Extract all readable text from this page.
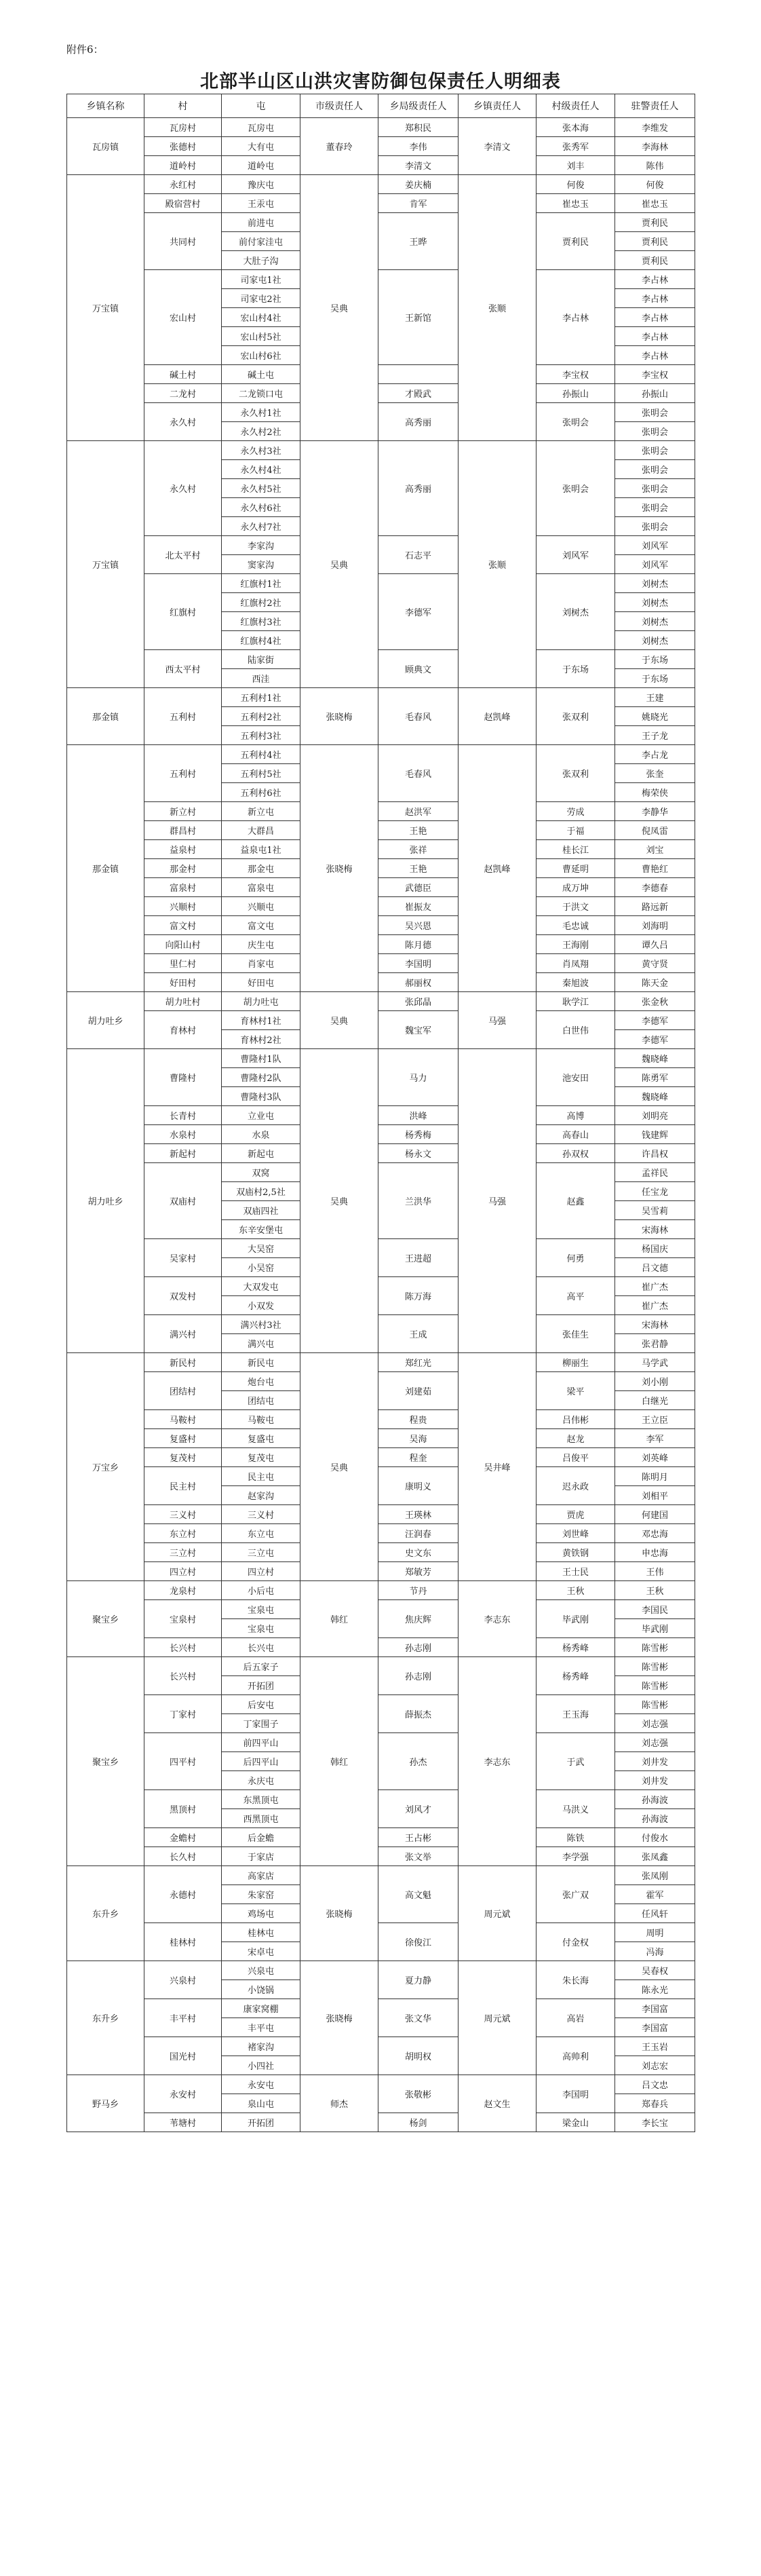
附件6：
北部半山区山洪灾害防御包保责任人明细表
乡镇名称	村	屯	市级责任人	乡局级责任人	乡镇责任人	村级责任人	驻警责任人
瓦房镇	瓦房村	瓦房屯	董春玲	郑积民	李清文	张本海	李维发
	张德村	大有屯		李伟		张秀军	李海林
	道岭村	道岭屯		李清文		刘丰	陈伟
万宝镇	永红村	豫庆屯	吴典	姜庆楠	张顺	何俊	何俊
	殿宿营村	王汞屯		肯军		崔忠玉	崔忠玉
	共同村	前进屯		王晔		贾利民	贾利民
		前付家洼屯					贾利民
		大肚子沟					贾利民
	宏山村	司家屯1社		王新馆		李占林	李占林
		司家屯2社					李占林
		宏山村4社					李占林
		宏山村5社					李占林
		宏山村6社					李占林
	碱土村	碱土屯				李宝权	李宝权
	二龙村	二龙锁口屯		才殿武		孙振山	孙振山
	永久村	永久村1社		高秀丽		张明会	张明会
		永久村2社					张明会
万宝镇	永久村	永久村3社	吴典	高秀丽	张顺	张明会	张明会
		永久村4社					张明会
		永久村5社					张明会
		永久村6社					张明会
		永久村7社					张明会
	北太平村	李家沟		石志平		刘风军	刘风军
		窦家沟					刘风军
	红旗村	红旗村1社		李德军		刘树杰	刘树杰
		红旗村2社					刘树杰
		红旗村3社					刘树杰
		红旗村4社					刘树杰
	西太平村	陆家街		顾典文		于东场	于东场
		西洼					于东场
那金镇	五利村	五利村1社	张晓梅	毛春风	赵凯峰	张双利	王建
		五利村2社					姚晓光
		五利村3社					王子龙
那金镇	五利村	五利村4社	张晓梅	毛春风	赵凯峰	张双利	李占龙
		五利村5社					张奎
		五利村6社					梅荣侠
	新立村	新立屯		赵洪军		劳成	李静华
	群昌村	大群昌		王艳		于福	倪凤雷
	益泉村	益泉屯1社		张祥		桂长江	刘宝
	那金村	那金屯		王艳		曹延明	曹艳红
	富泉村	富泉屯		武德臣		成万坤	李德春
	兴顺村	兴顺屯		崔振友		于洪文	路远新
	富文村	富文屯		吴兴恩		毛忠诚	刘海明
	向阳山村	庆生屯		陈月德		王海刚	谭久吕
	里仁村	肖家屯		李国明		肖凤翔	黄守贤
	好田村	好田屯		郝丽权		秦旭波	陈天金
胡力吐乡	胡力吐村	胡力吐屯	吴典	张邱晶	马强	耿学江	张金秋
	育林村	育林村1社		魏宝军		白世伟	李德军
		育林村2社					李德军
胡力吐乡	曹隆村	曹隆村1队	吴典	马力	马强	池安田	魏晓峰
		曹隆村2队					陈勇军
		曹隆村3队					魏晓峰
	长青村	立业屯		洪峰		高博	刘明亮
	水泉村	水泉		杨秀梅		高春山	钱建辉
	新起村	新起屯		杨永文		孙双权	许昌权
	双庙村	双窝		兰洪华		赵鑫	孟祥民
		双庙村2,5社					任宝龙
		双庙四社					吴雪莉
		东辛安堡屯					宋海林
	吴家村	大吴窑		王进超		何勇	杨国庆
		小吴窑					吕文德
	双发村	大双发屯		陈万海		高平	崔广杰
		小双发					崔广杰
	满兴村	满兴村3社		王成		张佳生	宋海林
		满兴屯					张君静
万宝乡	新民村	新民屯	吴典	郑红光	吴井峰	柳丽生	马学武
	团结村	炮台屯		刘建茹		梁平	刘小刚
		团结屯					白继光
	马鞍村	马鞍屯		程贵		吕伟彬	王立臣
	复盛村	复盛屯		吴海		赵龙	李军
	复茂村	复茂屯		程奎		吕俊平	刘英峰
	民主村	民主屯		康明义		迟永政	陈明月
		赵家沟					刘相平
	三义村	三义村		王瑛林		贾虎	何建国
	东立村	东立屯		汪润春		刘世峰	邓忠海
	三立村	三立屯		史文东		黄铁钢	申忠海
	四立村	四立村		郑敏芳		王士民	王伟
聚宝乡	龙泉村	小后屯	韩红	节丹	李志东	王秋	王秋
	宝泉村	宝泉屯		焦庆辉		毕武刚	李国民
		宝泉屯					毕武刚
	长兴村	长兴屯		孙志刚		杨秀峰	陈雪彬
聚宝乡	长兴村	后五家子	韩红	孙志刚	李志东	杨秀峰	陈雪彬
		开拓团					陈雪彬
	丁家村	后安屯		薛振杰		王玉海	陈雪彬
		丁家围子					刘志强
	四平村	前四平山		孙杰		于武	刘志强
		后四平山					刘井发
		永庆屯					刘井发
	黑顶村	东黑顶屯		刘风才		马洪义	孙海波
		西黑顶屯					孙海波
	金蟾村	后金蟾		王占彬		陈铁	付俊水
	长久村	于家店		张文举		李学强	张凤鑫
东升乡	永德村	高家店	张晓梅	高文魁	周元斌	张广双	张凤刚
		朱家窑					霍军
		鸡场屯					任风轩
	桂林村	桂林屯		徐俊江		付金权	周明
		宋卓屯					冯海
东升乡	兴泉村	兴泉屯	张晓梅	夏力静	周元斌	朱长海	吴春权
		小饶锅					陈永光
	丰平村	康家窝棚		张文华		高岩	李国富
		丰平屯					李国富
	国光村	褚家沟		胡明权		高帅利	王玉岩
		小四社					刘志宏
野马乡	永安村	永安屯	师杰	张敬彬	赵文生	李国明	吕文忠
		泉山屯					郑春兵
	苇塘村	开拓团		杨剑		梁金山	李长宝
